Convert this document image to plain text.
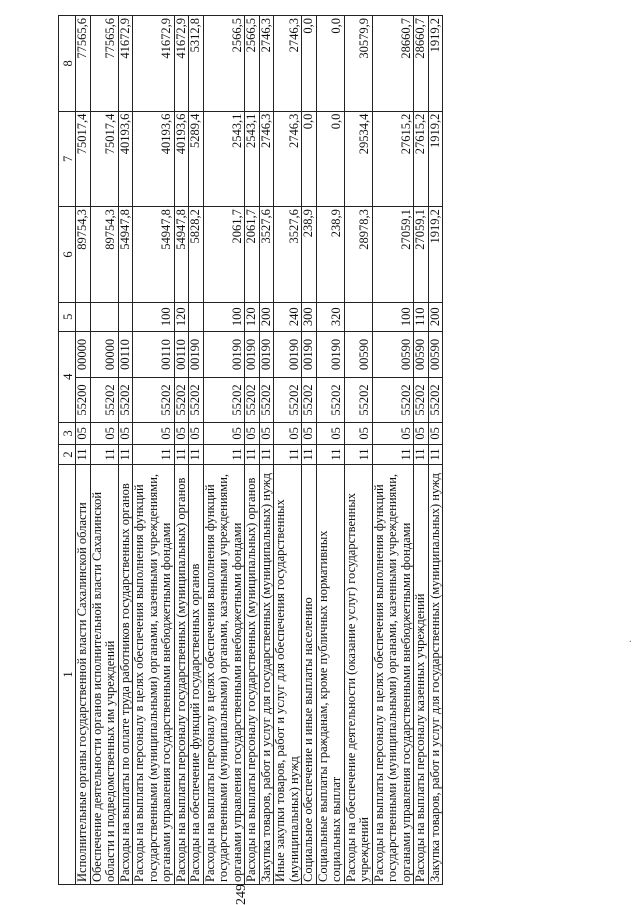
249
1	2	3	4		5	6	7	8
Исполнительные органы государственной власти Сахалинской области	11	05	55200	00000		89754,3	75017,4	77565,6
Обеспечение деятельности органов исполнительной власти Сахалинской области и подведомственных им учреждений	11	05	55202	00000		89754,3	75017,4	77565,6
Расходы на выплаты по оплате труда работников государственных органов	11	05	55202	00110		54947,8	40193,6	41672,9
Расходы на выплаты персоналу в целях обеспечения выполнения функций государственными (муниципальными) органами, казенными учреждениями, органами управления государственными внебюджетными фондами	11	05	55202	00110	100	54947,8	40193,6	41672,9
Расходы на выплаты персоналу государственных (муниципальных) органов	11	05	55202	00110	120	54947,8	40193,6	41672,9
Расходы на обеспечение функций государственных органов	11	05	55202	00190		5828,2	5289,4	5312,8
Расходы на выплаты персоналу в целях обеспечения выполнения функций государственными (муниципальными) органами, казенными учреждениями, органами управления государственными внебюджетными фондами	11	05	55202	00190	100	2061,7	2543,1	2566,5
Расходы на выплаты персоналу государственных (муниципальных) органов	11	05	55202	00190	120	2061,7	2543,1	2566,5
Закупка товаров, работ и услуг для государственных (муниципальных) нужд	11	05	55202	00190	200	3527,6	2746,3	2746,3
Иные закупки товаров, работ и услуг для обеспечения государственных (муниципальных) нужд	11	05	55202	00190	240	3527,6	2746,3	2746,3
Социальное обеспечение и иные выплаты населению	11	05	55202	00190	300	238,9	0,0	0,0
Социальные выплаты гражданам, кроме публичных нормативных социальных выплат	11	05	55202	00190	320	238,9	0,0	0,0
Расходы на обеспечение деятельности (оказание услуг) государственных учреждений	11	05	55202	00590		28978,3	29534,4	30579,9
Расходы на выплаты персоналу в целях обеспечения выполнения функций государственными (муниципальными) органами, казенными учреждениями, органами управления государственными внебюджетными фондами	11	05	55202	00590	100	27059,1	27615,2	28660,7
Расходы на выплаты персоналу казенных учреждений	11	05	55202	00590	110	27059,1	27615,2	28660,7
Закупка товаров, работ и услуг для государственных (муниципальных) нужд	11	05	55202	00590	200	1919,2	1919,2	1919,2
·
